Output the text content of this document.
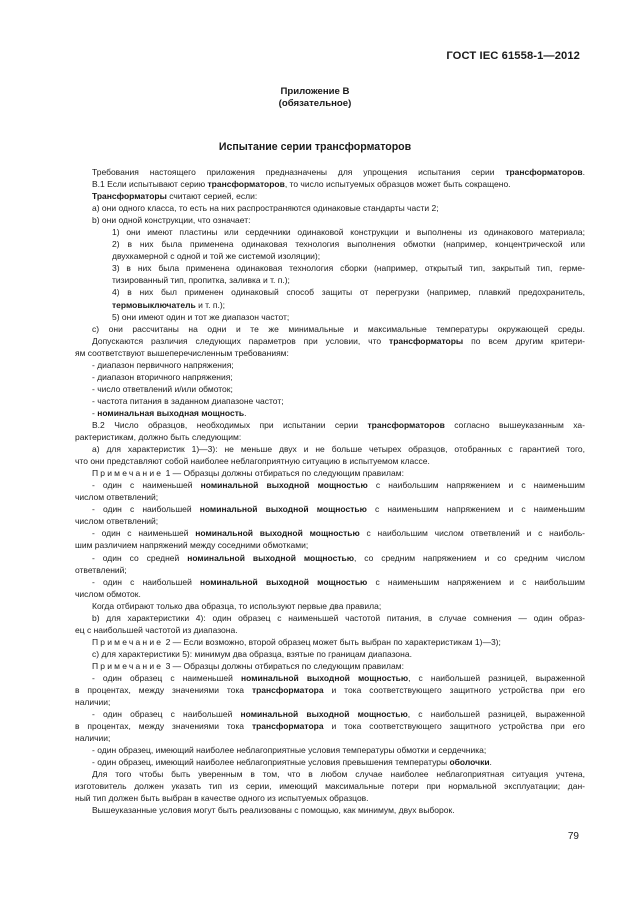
ГОСТ IEC 61558-1—2012
Приложение В
(обязательное)
Испытание серии трансформаторов
Требования настоящего приложения предназначены для упрощения испытания серии трансформаторов.
В.1 Если испытывают серию трансформаторов, то число испытуемых образцов может быть сокращено.
Трансформаторы считают серией, если:
а) они одного класса, то есть на них распространяются одинаковые стандарты части 2;
b) они одной конструкции, что означает:
1) они имеют пластины или сердечники одинаковой конструкции и выполнены из одинакового материала;
2) в них была применена одинаковая технология выполнения обмотки (например, концентрической или
двухкамерной с одной и той же системой изоляции);
3) в них была применена одинаковая технология сборки (например, открытый тип, закрытый тип, герме-
тизированный тип, пропитка, заливка и т. п.);
4) в них был применен одинаковый способ защиты от перегрузки (например, плавкий предохранитель,
термовыключатель и т. п.);
5) они имеют один и тот же диапазон частот;
с) они рассчитаны на одни и те же минимальные и максимальные температуры окружающей среды.
Допускаются различия следующих параметров при условии, что трансформаторы по всем другим критери-
ям соответствуют вышеперечисленным требованиям:
- диапазон первичного напряжения;
- диапазон вторичного напряжения;
- число ответвлений и/или обмоток;
- частота питания в заданном диапазоне частот;
- номинальная выходная мощность.
В.2 Число образцов, необходимых при испытании серии трансформаторов согласно вышеуказанным ха-
рактеристикам, должно быть следующим:
а) для характеристик 1)—3): не меньше двух и не больше четырех образцов, отобранных с гарантией того,
что они представляют собой наиболее неблагоприятную ситуацию в испытуемом классе.
Примечание 1 — Образцы должны отбираться по следующим правилам:
- один с наименьшей номинальной выходной мощностью с наибольшим напряжением и с наименьшим
числом ответвлений;
- один с наибольшей номинальной выходной мощностью с наименьшим напряжением и с наименьшим
числом ответвлений;
- один с наименьшей номинальной выходной мощностью с наибольшим числом ответвлений и с наиболь-
шим различием напряжений между соседними обмотками;
- один со средней номинальной выходной мощностью, со средним напряжением и со средним числом
ответвлений;
- один с наибольшей номинальной выходной мощностью с наименьшим напряжением и с наибольшим
числом обмоток.
Когда отбирают только два образца, то используют первые два правила;
b) для характеристики 4): один образец с наименьшей частотой питания, в случае сомнения — один образ-
ец с наибольшей частотой из диапазона.
Примечание 2 — Если возможно, второй образец может быть выбран по характеристикам 1)—3);
с) для характеристики 5): минимум два образца, взятые по границам диапазона.
Примечание 3 — Образцы должны отбираться по следующим правилам:
- один образец с наименьшей номинальной выходной мощностью, с наибольшей разницей, выраженной
в процентах, между значениями тока трансформатора и тока соответствующего защитного устройства при его
наличии;
- один образец с наибольшей номинальной выходной мощностью, с наибольшей разницей, выраженной
в процентах, между значениями тока трансформатора и тока соответствующего защитного устройства при его
наличии;
- один образец, имеющий наиболее неблагоприятные условия температуры обмотки и сердечника;
- один образец, имеющий наиболее неблагоприятные условия превышения температуры оболочки.
Для того чтобы быть уверенным в том, что в любом случае наиболее неблагоприятная ситуация учтена,
изготовитель должен указать тип из серии, имеющий максимальные потери при нормальной эксплуатации; дан-
ный тип должен быть выбран в качестве одного из испытуемых образцов.
Вышеуказанные условия могут быть реализованы с помощью, как минимум, двух выборок.
79
